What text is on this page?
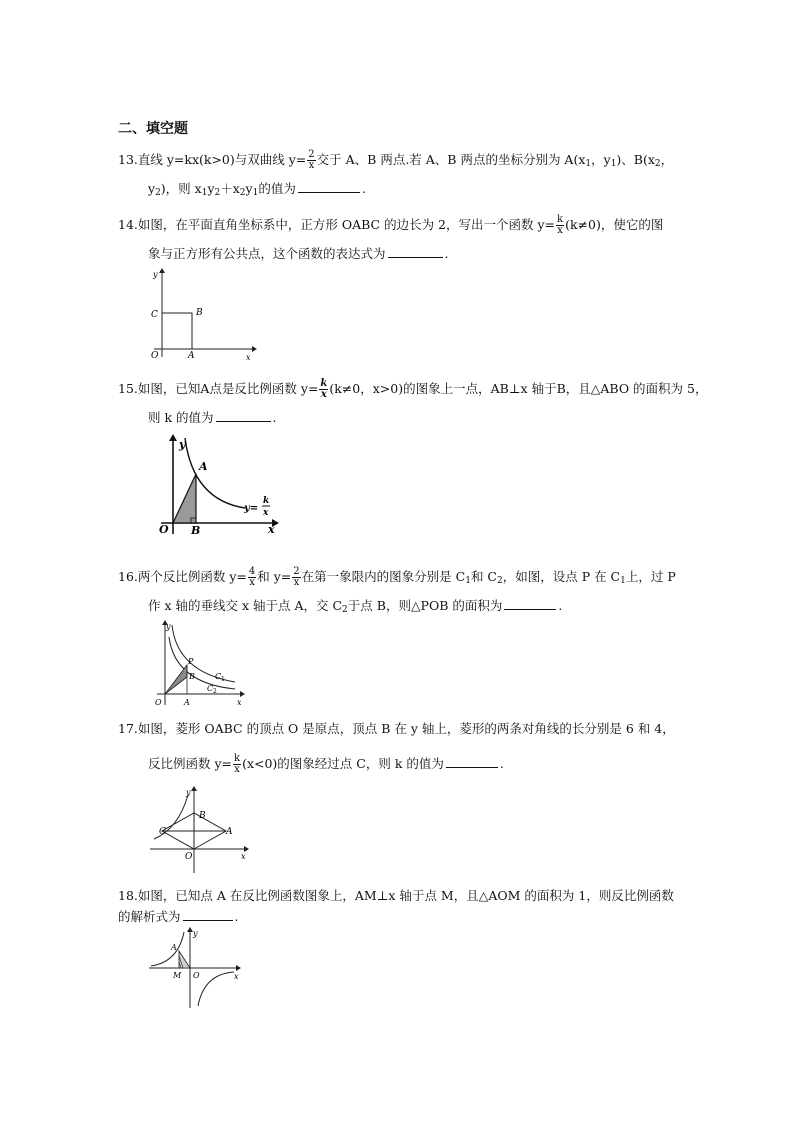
二、填空题
13.直线 y=kx(k>0)与双曲线 $y= \frac{2}{x}$ 交于 A、B 两点.若 A、B 两点的坐标分别为 $A(x_1$，$y_1$)、$B(x_2$，
$y_2$)，则 $x_1y_2+x_2y_1$的值为	.
14.如图，在平面直角坐标系中，正方形 OABC 的边长为 2，写出一个函数 $y= \frac{k}{x} (k\ne 0)$，使它的图
象与正方形有公共点，这个函数的表达式为	.
y
x
C	B
O	A
15.如图，已知A点是反比例函数 $y= \frac{k}{x} (k\ne 0$，x>0)的图象上一点，AB⊥x 轴于B，且△ABO 的面积为 5，
则 k 的值为	.
y
x
A
O B
y=
k
x
16.两个反比例函数 $y= \frac{4}{x}$ 和 $y= \frac{2}{x}$ 在第一象限内的图象分别是 $C_1$和 $C_2$，如图，设点 P 在 $C_1$上，过 P
作 x 轴的垂线交 x 轴于点 A，交 $C_2$于点 B，则△POB 的面积为	.
y
x
P
B	C 1
C 2
O	A
17.如图，菱形 OABC 的顶点 O 是原点，顶点 B 在 y 轴上，菱形的两条对角线的长分别是 6 和 4，
反比例函数 $y= \frac{k}{x} (x<0)$的图象经过点 C，则 k 的值为	.
y
x
B
C	A
O
18.如图，已知点 A 在反比例函数图象上，AM⊥x 轴于点 M，且△AOM 的面积为 1，则反比例函数
的解析式为	.
y
x
A
M O
